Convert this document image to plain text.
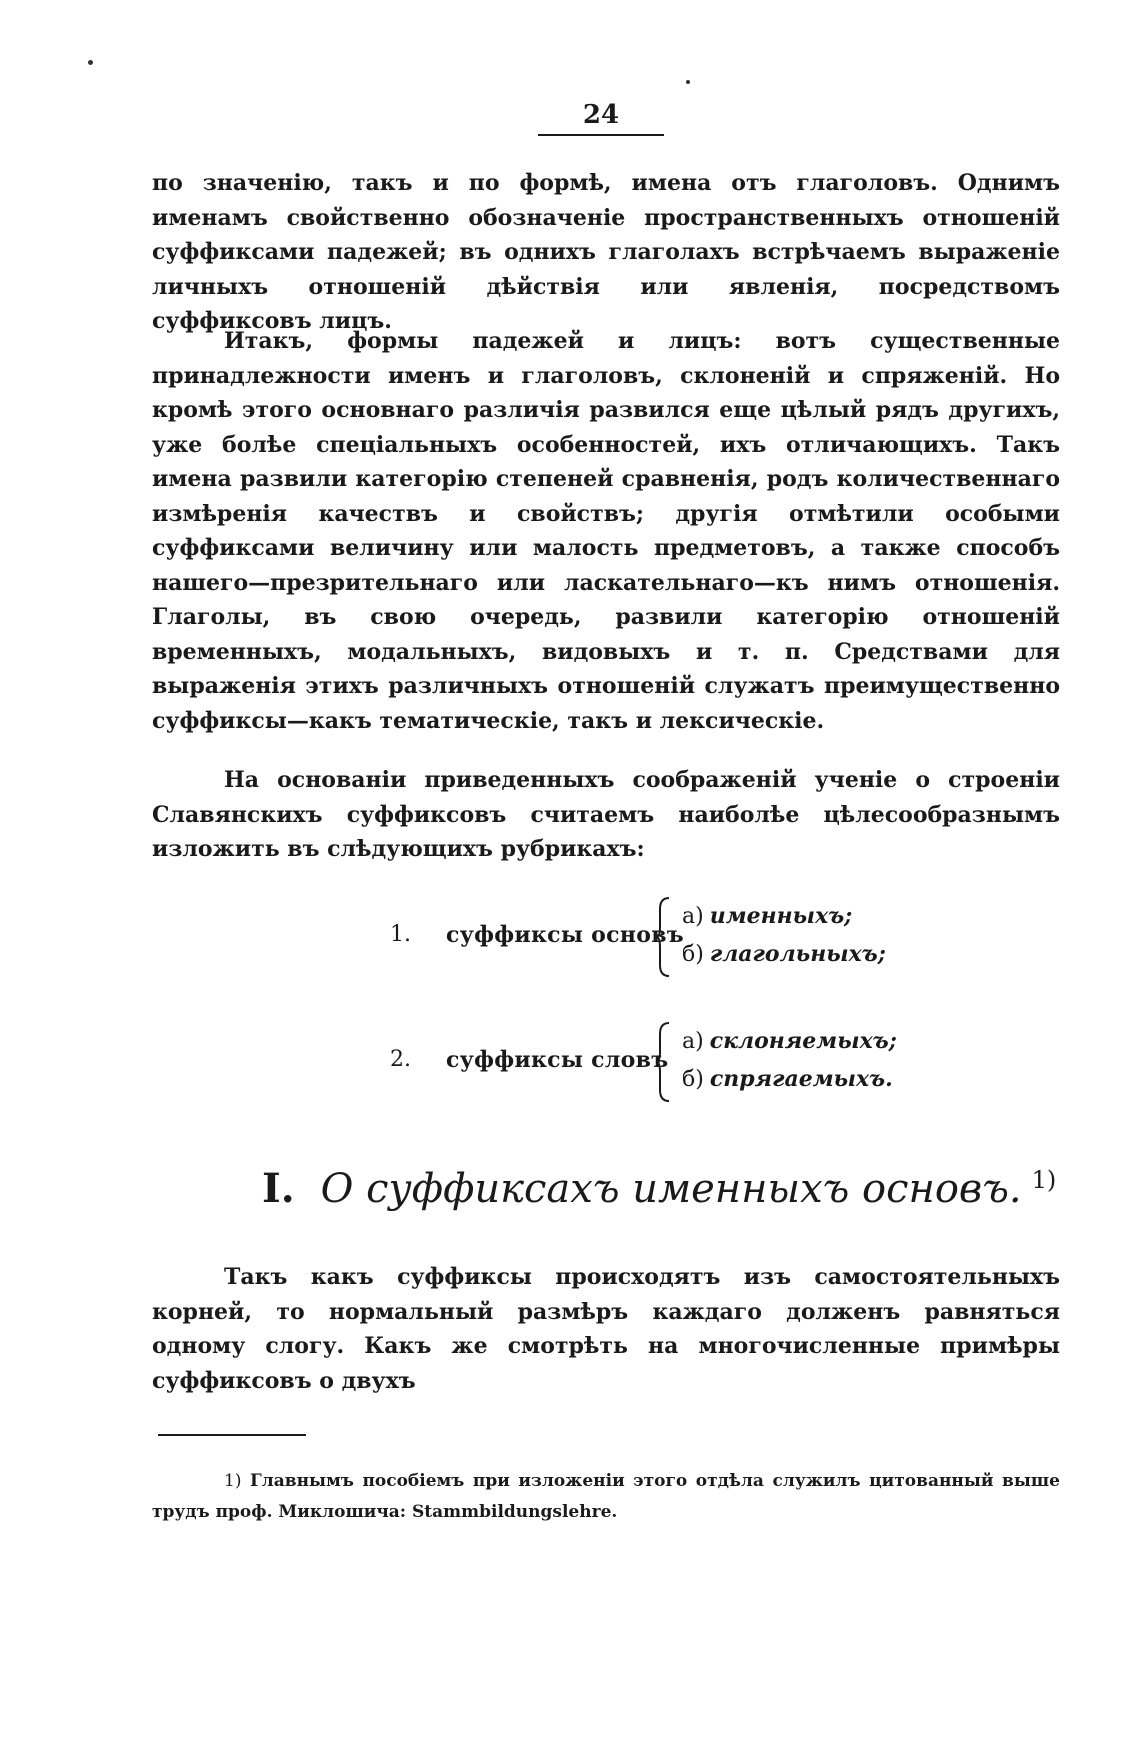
24

по значенію, такъ и по формѣ, имена отъ глаголовъ. Однимъ именамъ свойственно обозначеніе пространственныхъ отношеній суффиксами падежей; въ однихъ глаголахъ встрѣчаемъ выраженіе личныхъ отношеній дѣйствія или явленія, посредствомъ суффиксовъ лицъ.

Итакъ, формы падежей и лицъ: вотъ существенные принадлежности именъ и глаголовъ, склоненій и спряженій. Но кромѣ этого основнаго различія развился еще цѣлый рядъ другихъ, уже болѣе спеціальныхъ особенностей, ихъ отличающихъ. Такъ имена развили категорію степеней сравненія, родъ количественнаго измѣренія качествъ и свойствъ; другія отмѣтили особыми суффиксами величину или малость предметовъ, а также способъ нашего—презрительнаго или ласкательнаго—къ нимъ отношенія. Глаголы, въ свою очередь, развили категорію отношеній временныхъ, модальныхъ, видовыхъ и т. п. Средствами для выраженія этихъ различныхъ отношеній служатъ преимущественно суффиксы—какъ тематическіе, такъ и лексическіе.

На основаніи приведенныхъ соображеній ученіе о строеніи Славянскихъ суффиксовъ считаемъ наиболѣе цѣлесообразнымъ изложить въ слѣдующихъ рубрикахъ:

1. суффиксы основъ
а) именныхъ;
б) глагольныхъ;
2. суффиксы словъ
а) склоняемыхъ;
б) спрягаемыхъ.
I. О суффиксахъ именныхъ основъ. $^{1)}$

Такъ какъ суффиксы происходятъ изъ самостоятельныхъ корней, то нормальный размѣръ каждаго долженъ равняться одному слогу. Какъ же смотрѣть на многочисленные примѣры суффиксовъ о двухъ

1) Главнымъ пособіемъ при изложеніи этого отдѣла служилъ цитованный выше трудъ проф. Миклошича: Stammbildungslehre.
